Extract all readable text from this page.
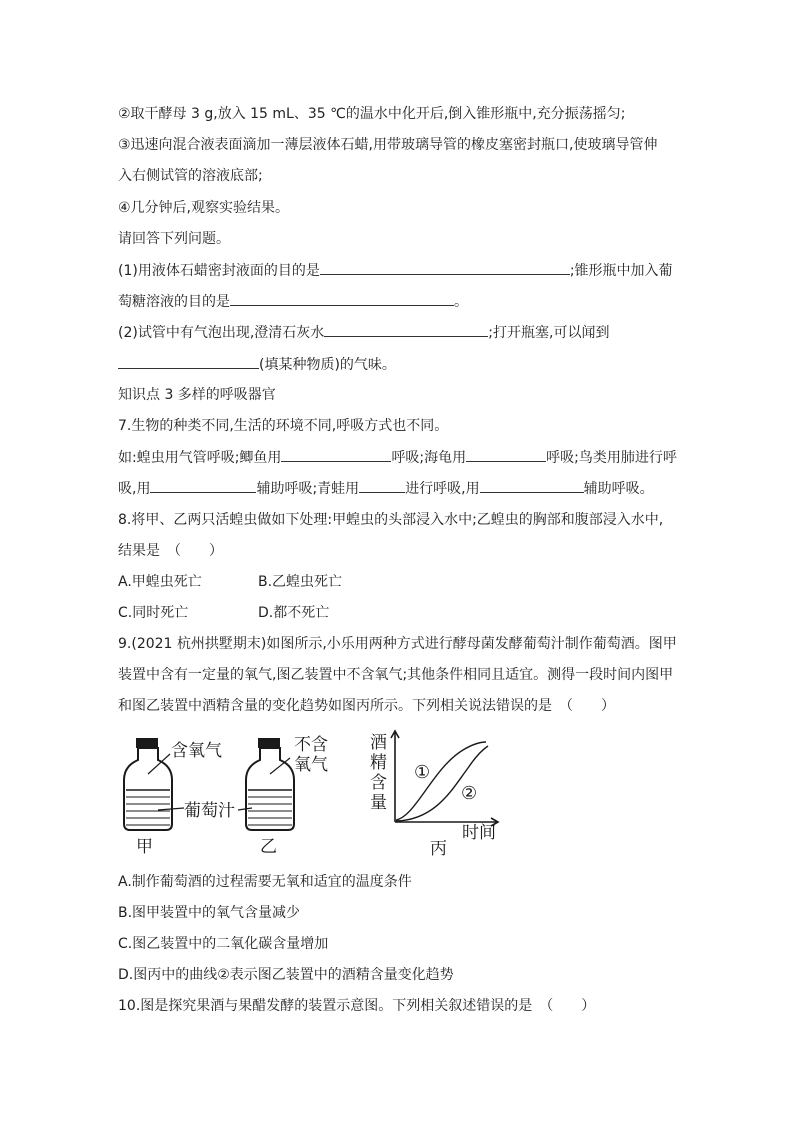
②取干酵母 3 g,放入 15 mL、35 ℃的温水中化开后,倒入锥形瓶中,充分振荡摇匀;
③迅速向混合液表面滴加一薄层液体石蜡,用带玻璃导管的橡皮塞密封瓶口,使玻璃导管伸
入右侧试管的溶液底部;
④几分钟后,观察实验结果。
请回答下列问题。
(1)用液体石蜡密封液面的目的是	;锥形瓶中加入葡
萄糖溶液的目的是	。
(2)试管中有气泡出现,澄清石灰水	;打开瓶塞,可以闻到
(填某种物质)的气味。
知识点 3 多样的呼吸器官
7.生物的种类不同,生活的环境不同,呼吸方式也不同。
如:蝗虫用气管呼吸;鲫鱼用	呼吸;海龟用	呼吸;鸟类用肺进行呼
吸,用	辅助呼吸;青蛙用	进行呼吸,用	辅助呼吸。
8.将甲、乙两只活蝗虫做如下处理:甲蝗虫的头部浸入水中;乙蝗虫的胸部和腹部浸入水中,
结果是　（　　）
A.甲蝗虫死亡	B.乙蝗虫死亡
C.同时死亡	D.都不死亡
9.(2021 杭州拱墅期末)如图所示,小乐用两种方式进行酵母菌发酵葡萄汁制作葡萄酒。图甲
装置中含有一定量的氧气,图乙装置中不含氧气;其他条件相同且适宜。测得一段时间内图甲
和图乙装置中酒精含量的变化趋势如图丙所示。下列相关说法错误的是　（　　）
含氧气
葡萄汁
甲
不含
氧气
乙
酒
精
含
量
①
②
时间
丙
A.制作葡萄酒的过程需要无氧和适宜的温度条件
B.图甲装置中的氧气含量减少
C.图乙装置中的二氧化碳含量增加
D.图丙中的曲线②表示图乙装置中的酒精含量变化趋势
10.图是探究果酒与果醋发酵的装置示意图。下列相关叙述错误的是　（　　）
